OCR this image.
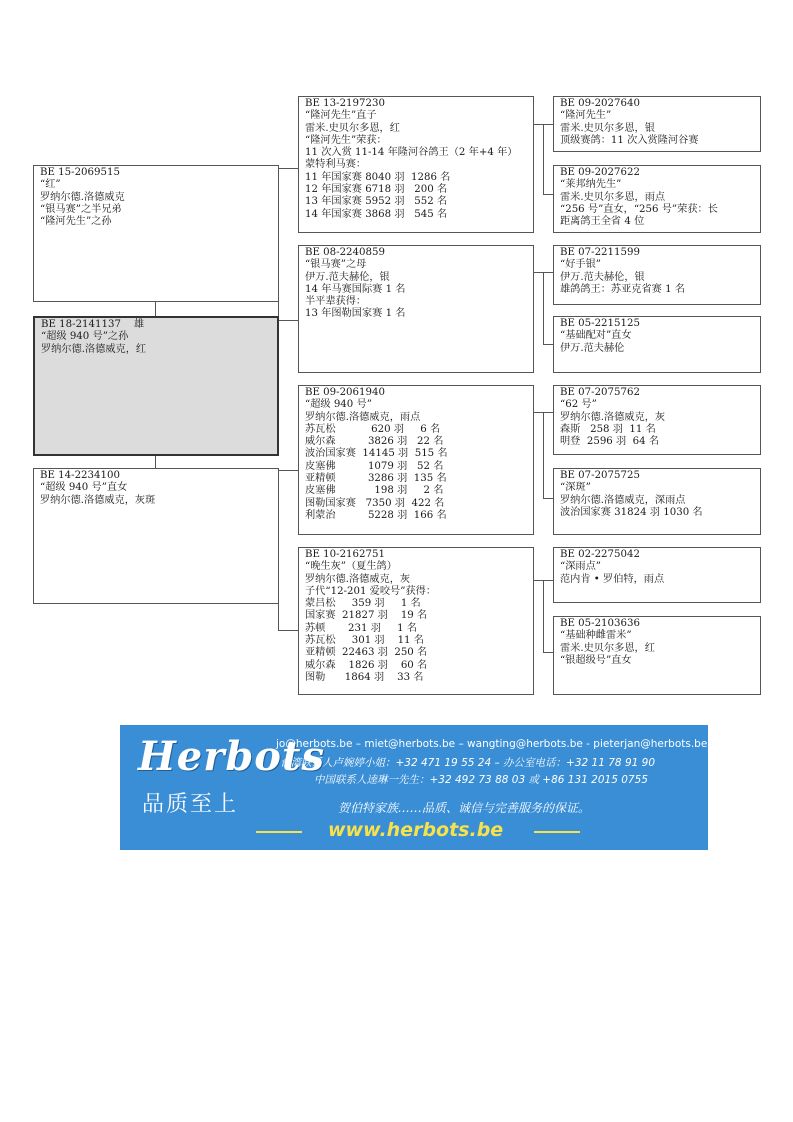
BE 15-2069515
“红”
罗纳尔德.洛德威克
“银马赛”之半兄弟
“隆河先生”之孙
BE 18-2141137    雄
“超级 940 号”之孙
罗纳尔德.洛德威克，红
BE 14-2234100
“超级 940 号”直女
罗纳尔德.洛德威克，灰斑
BE 13-2197230
“隆河先生”直子
雷米.史贝尔多恩，红
“隆河先生”荣获：
11 次入赏 11-14 年隆河谷鸽王（2 年+4 年）
蒙特利马赛：
11 年国家赛 8040 羽  1286 名
12 年国家赛 6718 羽   200 名
13 年国家赛 5952 羽   552 名
14 年国家赛 3868 羽   545 名
BE 08-2240859
“银马赛”之母
伊万.范夫赫伦，银
14 年马赛国际赛 1 名
半平辈获得：
13 年图勒国家赛 1 名
BE 09-2061940
“超级 940 号”
罗纳尔德.洛德威克，雨点
苏瓦松           620 羽     6 名
威尔森          3826 羽   22 名
波治国家赛  14145 羽  515 名
皮塞佛          1079 羽   52 名
亚精顿          3286 羽  135 名
皮塞佛            198 羽     2 名
图勒国家赛   7350 羽  422 名
利蒙治          5228 羽  166 名
BE 10-2162751
“晚生灰”（夏生鸽）
罗纳尔德.洛德威克，灰
子代“12-201 爱咬号”获得：
蒙吕松     359 羽     1 名
国家赛  21827 羽    19 名
苏顿       231 羽     1 名
苏瓦松     301 羽    11 名
亚精顿  22463 羽  250 名
威尔森    1826 羽    60 名
图勒      1864 羽    33 名
BE 09-2027640
“隆河先生”
雷米.史贝尔多恩，银
顶级赛鸽：11 次入赏隆河谷赛
BE 09-2027622
“莱邦纳先生”
雷米.史贝尔多恩，雨点
“256 号”直女，“256 号”荣获：长
距离鸽王全省 4 位
BE 07-2211599
“好手银”
伊万.范夫赫伦，银
雄鸽鸽王：苏亚克省赛 1 名
BE 05-2215125
“基础配对”直女
伊万.范夫赫伦
BE 07-2075762
“62 号”
罗纳尔德.洛德威克，灰
森斯   258 羽  11 名
明登  2596 羽  64 名
BE 07-2075725
“深斑”
罗纳尔德.洛德威克，深雨点
波治国家赛 31824 羽 1030 名
BE 02-2275042
“深雨点”
范内肯 • 罗伯特，雨点
BE 05-2103636
“基础种雌雷米”
雷米.史贝尔多恩，红
“银超级号”直女
Herbots
品质至上
jo@herbots.be – miet@herbots.be – wangting@herbots.be - pieterjan@herbots.be
台湾联系人卢婉婷小姐：+32 471 19 55 24 – 办公室电话：+32 11 78 91 90
中国联系人逵琳一先生：+32 492 73 88 03 或 +86 131 2015 0755
贺伯特家族……品质、诚信与完善服务的保证。
www.herbots.be
